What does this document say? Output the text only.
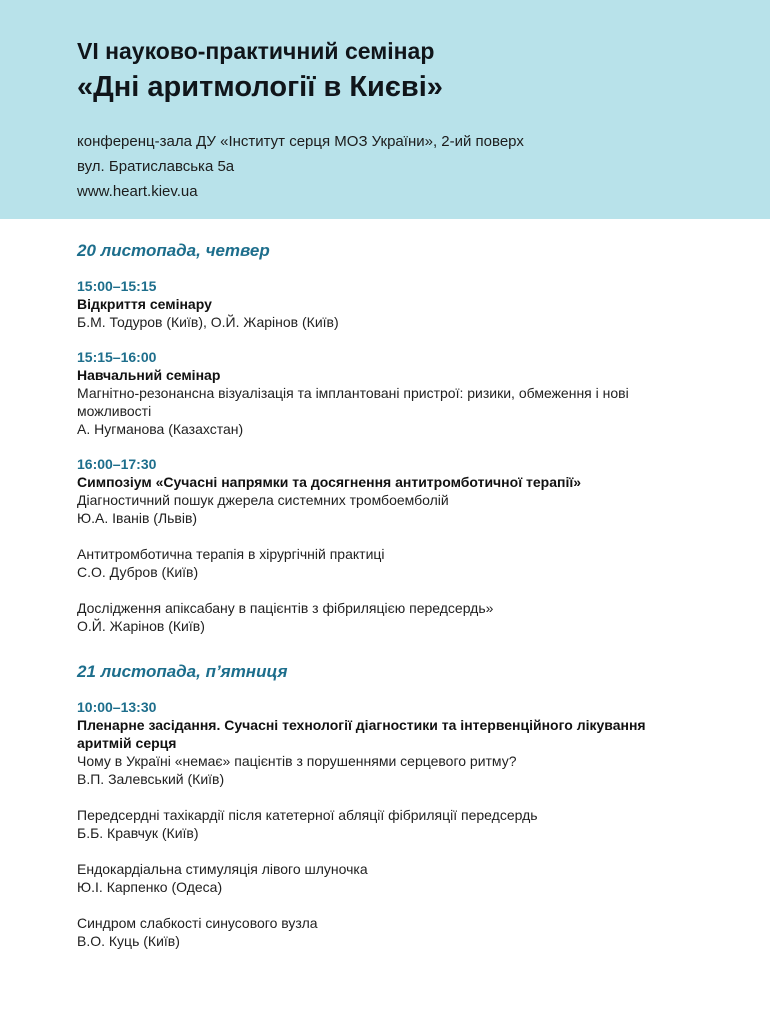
VI науково-практичний семінар
«Дні аритмології в Києві»
конференц-зала ДУ «Інститут серця МОЗ України», 2-ий поверх
вул. Братиславська 5а
www.heart.kiev.ua
20 листопада, четвер
15:00–15:15
Відкриття семінару
Б.М. Тодуров (Київ), О.Й. Жарінов (Київ)
15:15–16:00
Навчальний семінар
Магнітно-резонансна візуалізація та імплантовані пристрої: ризики, обмеження і нові можливості
А. Нугманова (Казахстан)
16:00–17:30
Симпозіум «Сучасні напрямки та досягнення антитромботичної терапії»
Діагностичний пошук джерела системних тромбоемболій
Ю.А. Іванів (Львів)
Антитромботична терапія в хірургічній практиці
С.О. Дубров (Київ)
Дослідження апіксабану в пацієнтів з фібриляцією передсердь»
О.Й. Жарінов (Київ)
21 листопада, п’ятниця
10:00–13:30
Пленарне засідання. Сучасні технології діагностики та інтервенційного лікування аритмій серця
Чому в Україні «немає» пацієнтів з порушеннями серцевого ритму?
В.П. Залевський (Київ)
Передсердні тахікардії після катетерної абляції фібриляції передсердь
Б.Б. Кравчук (Київ)
Ендокардіальна стимуляція лівого шлуночка
Ю.І. Карпенко (Одеса)
Синдром слабкості синусового вузла
В.О. Куць (Київ)
